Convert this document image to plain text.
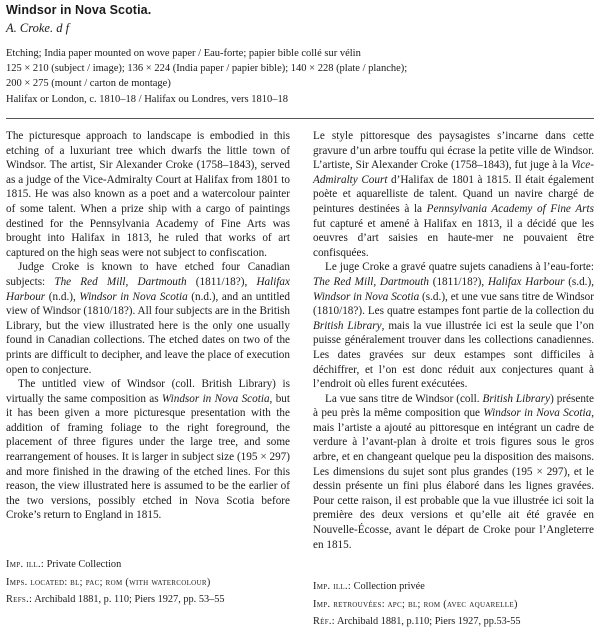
Windsor in Nova Scotia.
A. Croke. d f
Etching; India paper mounted on wove paper / Eau-forte; papier bible collé sur vélin
125 × 210 (subject / image); 136 × 224 (India paper / papier bible); 140 × 228 (plate / planche);
200 × 275 (mount / carton de montage)
Halifax or London, c. 1810–18 / Halifax ou Londres, vers 1810–18

The picturesque approach to landscape is embodied in this etching of a luxuriant tree which dwarfs the little town of Windsor. The artist, Sir Alexander Croke (1758–1843), served as a judge of the Vice-Admiralty Court at Halifax from 1801 to 1815. He was also known as a poet and a watercolour painter of some talent. When a prize ship with a cargo of paintings destined for the Pennsylvania Academy of Fine Arts was brought into Halifax in 1813, he ruled that works of art captured on the high seas were not subject to confiscation.

Judge Croke is known to have etched four Canadian subjects: The Red Mill, Dartmouth (1811/18?), Halifax Harbour (n.d.), Windsor in Nova Scotia (n.d.), and an untitled view of Windsor (1810/18?). All four subjects are in the British Library, but the view illustrated here is the only one usually found in Canadian collections. The etched dates on two of the prints are difficult to decipher, and leave the place of execution open to conjecture.

The untitled view of Windsor (coll. British Library) is virtually the same composition as Windsor in Nova Scotia, but it has been given a more picturesque presentation with the addition of framing foliage to the right foreground, the placement of three figures under the large tree, and some rearrangement of houses. It is larger in subject size (195 × 297) and more finished in the drawing of the etched lines. For this reason, the view illustrated here is assumed to be the earlier of the two versions, possibly etched in Nova Scotia before Croke’s return to England in 1815.

Imp. ill.: Private Collection
Imps. located: bl; pac; rom (with watercolour)
Refs.: Archibald 1881, p. 110; Piers 1927, pp. 53–55

Le style pittoresque des paysagistes s’incarne dans cette gravure d’un arbre touffu qui écrase la petite ville de Windsor. L’artiste, Sir Alexander Croke (1758–1843), fut juge à la Vice-Admiralty Court d’Halifax de 1801 à 1815. Il était également poète et aquarelliste de talent. Quand un navire chargé de peintures destinées à la Pennsylvania Academy of Fine Arts fut capturé et amené à Halifax en 1813, il a décidé que les oeuvres d’art saisies en haute-mer ne pouvaient être confisquées.

Le juge Croke a gravé quatre sujets canadiens à l’eau-forte: The Red Mill, Dartmouth (1811/18?), Halifax Harbour (s.d.), Windsor in Nova Scotia (s.d.), et une vue sans titre de Windsor (1810/18?). Les quatre estampes font partie de la collection du British Library, mais la vue illustrée ici est la seule que l’on puisse généralement trouver dans les collections canadiennes. Les dates gravées sur deux estampes sont difficiles à déchiffrer, et l’on est donc réduit aux conjectures quant à l’endroit où elles furent exécutées.

La vue sans titre de Windsor (coll. British Library) présente à peu près la même composition que Windsor in Nova Scotia, mais l’artiste a ajouté au pittoresque en intégrant un cadre de verdure à l’avant-plan à droite et trois figures sous le gros arbre, et en changeant quelque peu la disposition des maisons. Les dimensions du sujet sont plus grandes (195 × 297), et le dessin présente un fini plus élaboré dans les lignes gravées. Pour cette raison, il est probable que la vue illustrée ici soit la première des deux versions et qu’elle ait été gravée en Nouvelle-Écosse, avant le départ de Croke pour l’Angleterre en 1815.

Imp. ill.: Collection privée
Imp. retrouvées: apc; bl; rom (avec aquarelle)
Réf.: Archibald 1881, p.110; Piers 1927, pp.53-55
